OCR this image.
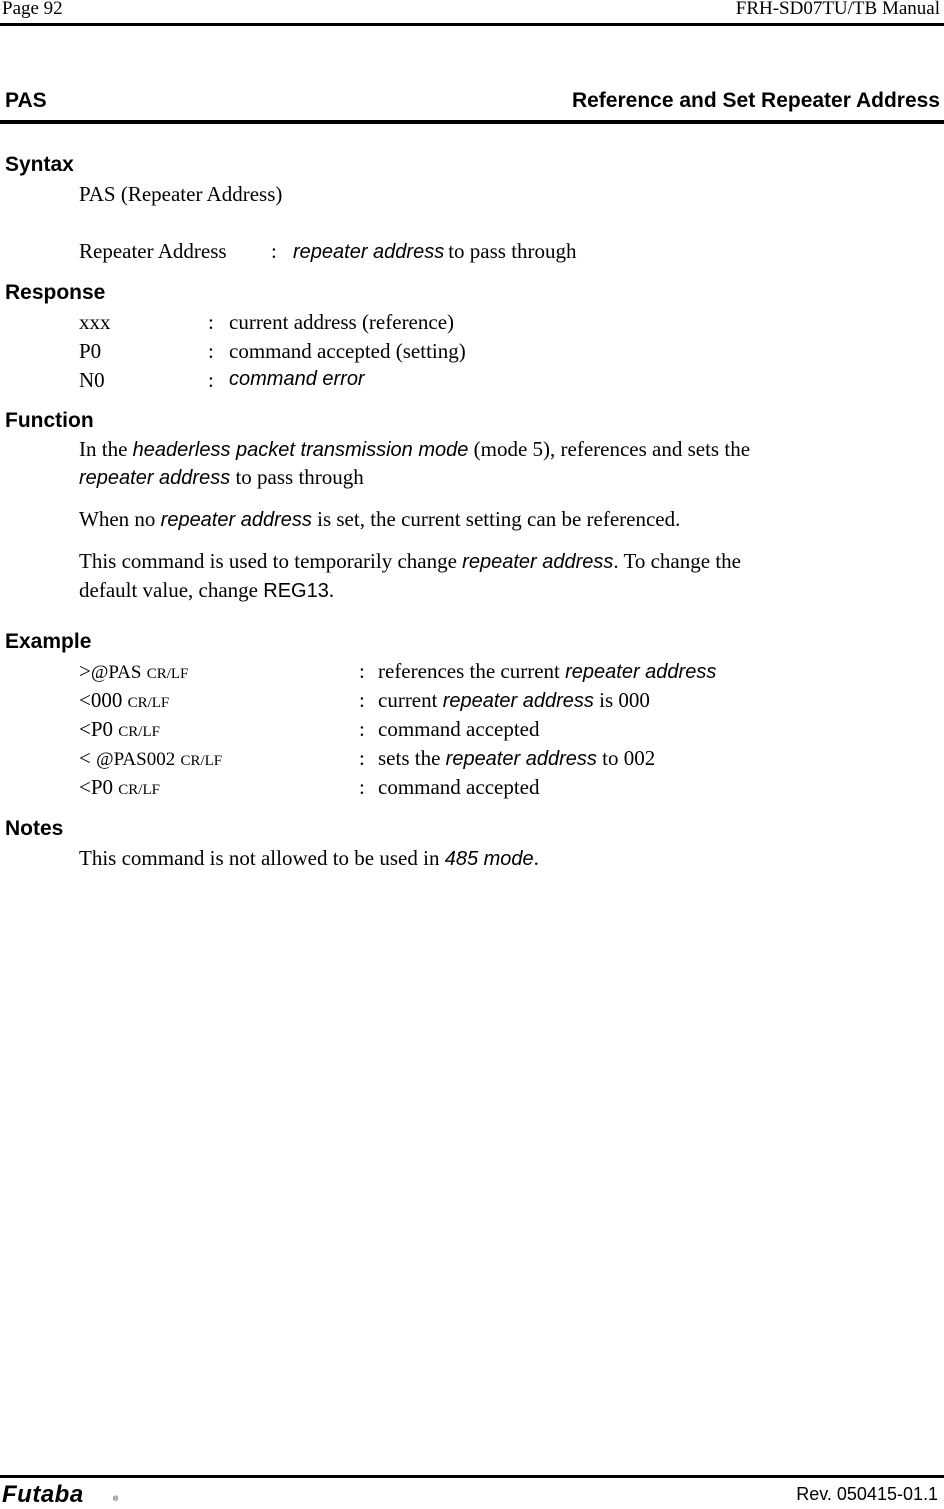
Page 92	FRH-SD07TU/TB Manual
PAS	Reference and Set Repeater Address
Syntax
PAS (Repeater Address)
Repeater Address : repeater address to pass through
Response
xxx	: current address (reference)
P0	: command accepted (setting)
N0	: command error
Function
In the headerless packet transmission mode (mode 5), references and sets the
repeater address to pass through
When no repeater address is set, the current setting can be referenced.
This command is used to temporarily change repeater address. To change the
default value, change REG13.
Example
>@PAS CR/LF	: references the current repeater address
<000 CR/LF	: current repeater address is 000
<P0 CR/LF	: command accepted
< @PAS002 CR/LF	: sets the repeater address to 002
<P0 CR/LF	: command accepted
Notes
This command is not allowed to be used in 485 mode.
Futaba	®	Rev. 050415-01.1
